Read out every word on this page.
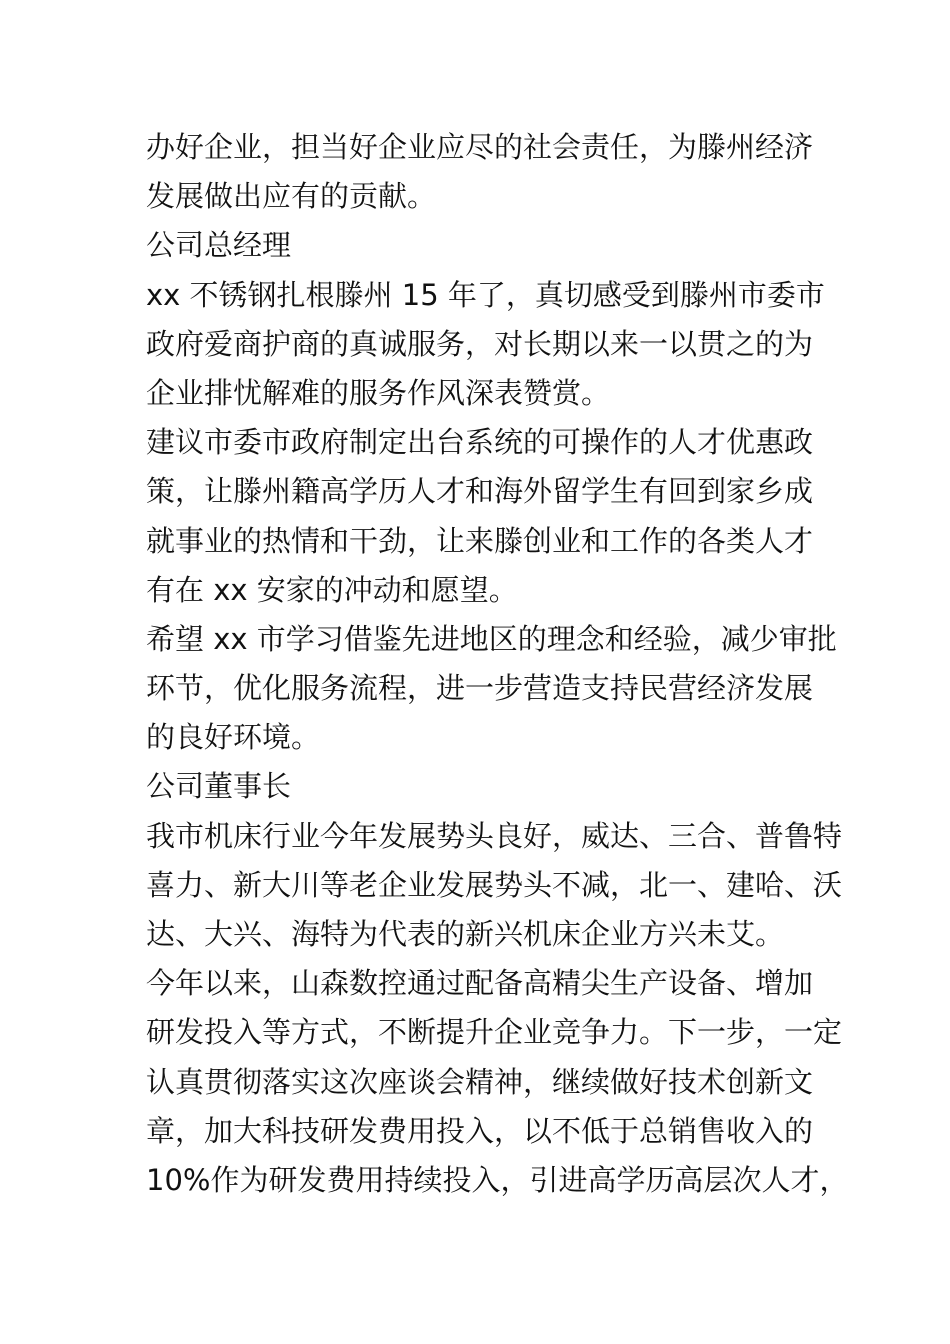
办好企业，担当好企业应尽的社会责任，为滕州经济
发展做出应有的贡献。
公司总经理
xx 不锈钢扎根滕州 15 年了，真切感受到滕州市委市
政府爱商护商的真诚服务，对长期以来一以贯之的为
企业排忧解难的服务作风深表赞赏。
建议市委市政府制定出台系统的可操作的人才优惠政
策，让滕州籍高学历人才和海外留学生有回到家乡成
就事业的热情和干劲，让来滕创业和工作的各类人才
有在 xx 安家的冲动和愿望。
希望 xx 市学习借鉴先进地区的理念和经验，减少审批
环节，优化服务流程，进一步营造支持民营经济发展
的良好环境。
公司董事长
我市机床行业今年发展势头良好，威达、三合、普鲁特
喜力、新大川等老企业发展势头不减，北一、建哈、沃
达、大兴、海特为代表的新兴机床企业方兴未艾。
今年以来，山森数控通过配备高精尖生产设备、增加
研发投入等方式，不断提升企业竞争力。下一步，一定
认真贯彻落实这次座谈会精神，继续做好技术创新文
章，加大科技研发费用投入，以不低于总销售收入的
10%作为研发费用持续投入，引进高学历高层次人才，
